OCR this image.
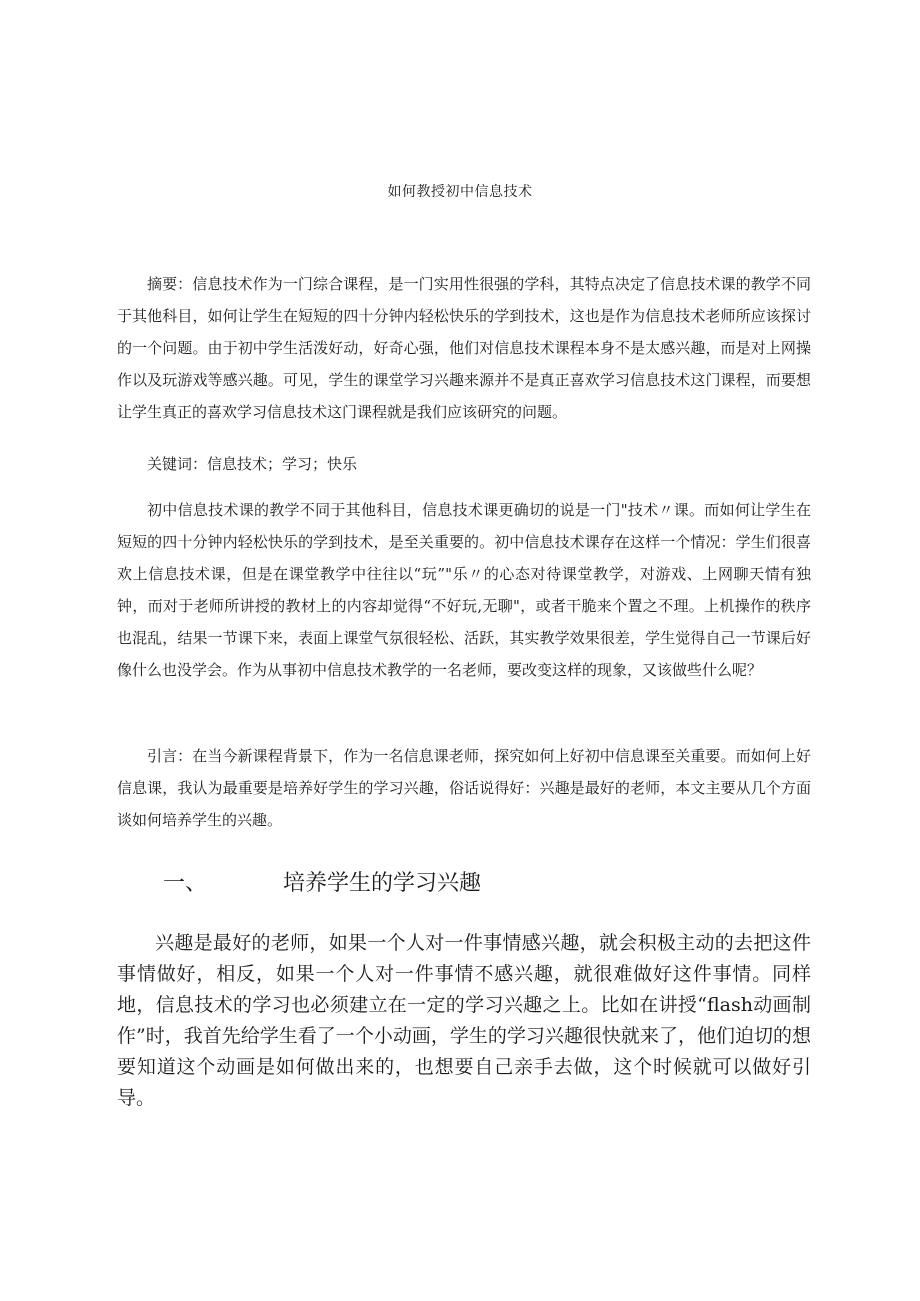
如何教授初中信息技术

摘要：信息技术作为一门综合课程，是一门实用性很强的学科，其特点决定了信息技术课的教学不同于其他科目，如何让学生在短短的四十分钟内轻松快乐的学到技术，这也是作为信息技术老师所应该探讨的一个问题。由于初中学生活泼好动，好奇心强，他们对信息技术课程本身不是太感兴趣，而是对上网操作以及玩游戏等感兴趣。可见，学生的课堂学习兴趣来源并不是真正喜欢学习信息技术这门课程，而要想让学生真正的喜欢学习信息技术这门课程就是我们应该研究的问题。

关键词：信息技术；学习；快乐

初中信息技术课的教学不同于其他科目，信息技术课更确切的说是一门"技术〃课。而如何让学生在短短的四十分钟内轻松快乐的学到技术，是至关重要的。初中信息技术课存在这样一个情况：学生们很喜欢上信息技术课，但是在课堂教学中往往以“玩”"乐〃的心态对待课堂教学，对游戏、上网聊天情有独钟，而对于老师所讲授的教材上的内容却觉得“不好玩,无聊"，或者干脆来个置之不理。上机操作的秩序也混乱，结果一节课下来，表面上课堂气氛很轻松、活跃，其实教学效果很差，学生觉得自己一节课后好像什么也没学会。作为从事初中信息技术教学的一名老师，要改变这样的现象，又该做些什么呢？

引言：在当今新课程背景下，作为一名信息课老师，探究如何上好初中信息课至关重要。而如何上好信息课，我认为最重要是培养好学生的学习兴趣，俗话说得好：兴趣是最好的老师，本文主要从几个方面谈如何培养学生的兴趣。

一、	培养学生的学习兴趣

兴趣是最好的老师，如果一个人对一件事情感兴趣，就会积极主动的去把这件事情做好，相反，如果一个人对一件事情不感兴趣，就很难做好这件事情。同样地，信息技术的学习也必须建立在一定的学习兴趣之上。比如在讲授“flash动画制作”时，我首先给学生看了一个小动画，学生的学习兴趣很快就来了，他们迫切的想要知道这个动画是如何做出来的，也想要自己亲手去做，这个时候就可以做好引导。
